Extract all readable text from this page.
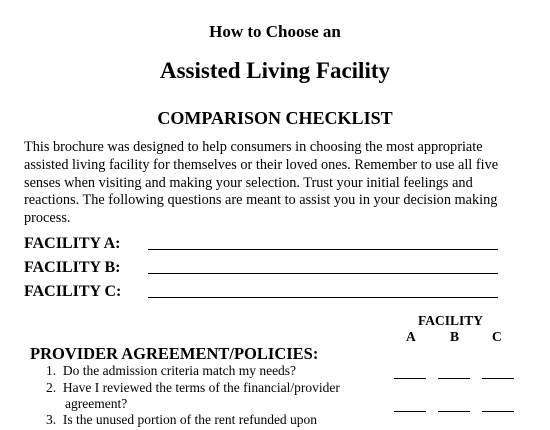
How to Choose an
Assisted Living Facility
COMPARISON CHECKLIST
This brochure was designed to help consumers in choosing the most appropriate assisted living facility for themselves or their loved ones. Remember to use all five senses when visiting and making your selection. Trust your initial feelings and reactions. The following questions are meant to assist you in your decision making process.
FACILITY A:
FACILITY B:
FACILITY C:
FACILITY
A	B C
PROVIDER AGREEMENT/POLICIES:
1. Do the admission criteria match my needs?
2. Have I reviewed the terms of the financial/provider
agreement?
3. Is the unused portion of the rent refunded upon
